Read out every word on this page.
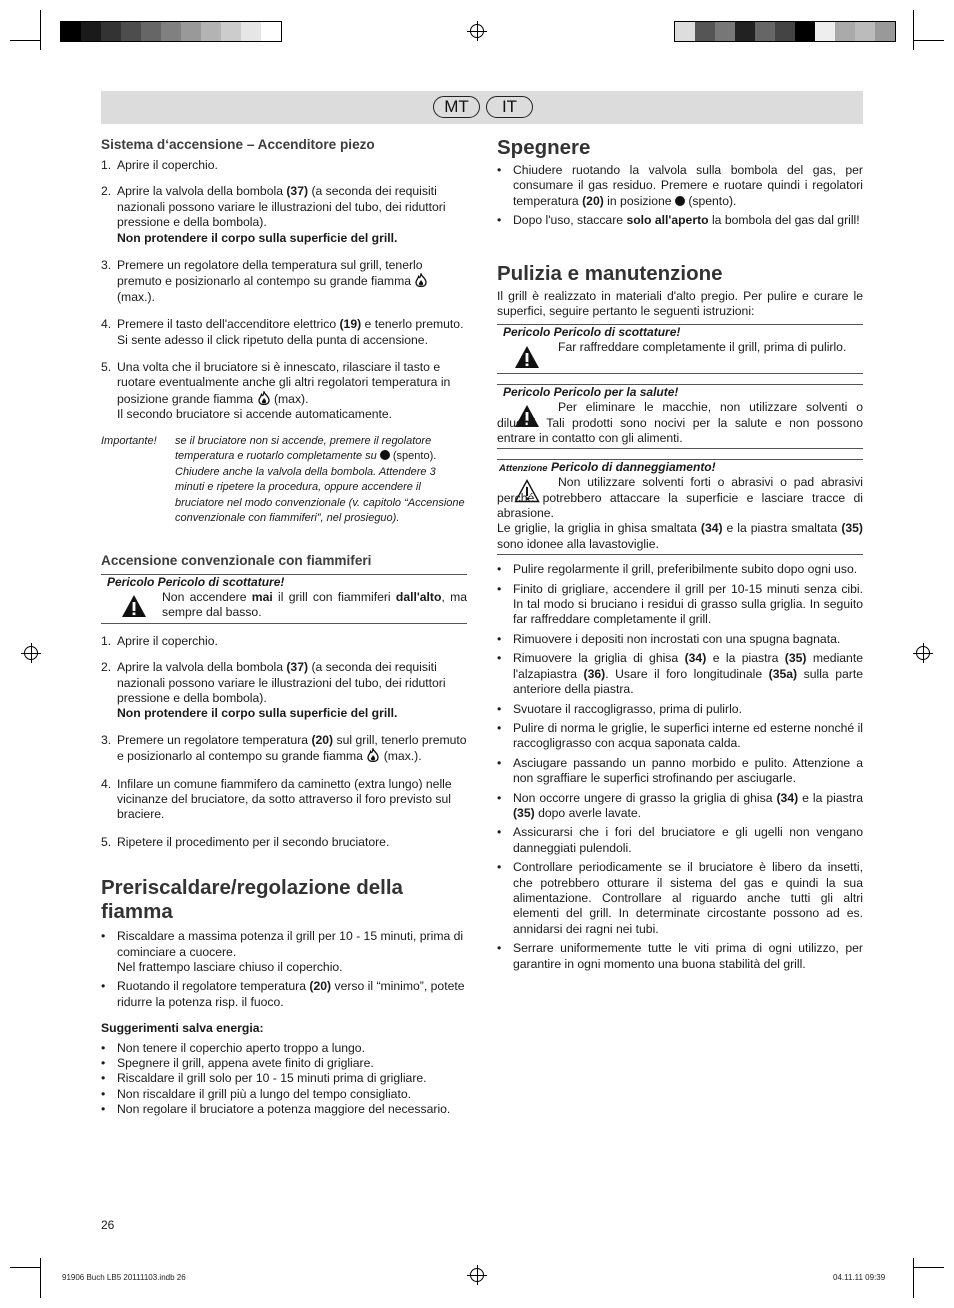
MT	IT
Sistema d‘accensione – Accenditore piezo
1. Aprire il coperchio.
2. Aprire la valvola della bombola (37) (a seconda dei requisiti nazionali possono variare le illustrazioni del tubo, dei riduttori pressione e della bombola).
Non protendere il corpo sulla superficie del grill.
3. Premere un regolatore della temperatura sul grill, tenerlo premuto e posizionarlo al contempo su grande fiamma  (max.).
4. Premere il tasto dell'accenditore elettrico (19) e tenerlo premuto. Si sente adesso il click ripetuto della punta di accensione.
5. Una volta che il bruciatore si è innescato, rilasciare il tasto e ruotare eventualmente anche gli altri regolatori temperatura in posizione grande fiamma  (max).
Il secondo bruciatore si accende automaticamente.
Importante! se il bruciatore non si accende, premere il regolatore temperatura e ruotarlo completamente su  (spento). Chiudere anche la valvola della bombola. Attendere 3 minuti e ripetere la procedura, oppure accendere il bruciatore nel modo convenzionale (v. capitolo “Accensione convenzionale con fiammiferi”, nel prosieguo).
Accensione convenzionale con fiammiferi
Pericolo Pericolo di scottature!
Non accendere mai il grill con fiammiferi dall'alto, ma sempre dal basso.
1. Aprire il coperchio.
2. Aprire la valvola della bombola (37) (a seconda dei requisiti nazionali possono variare le illustrazioni del tubo, dei riduttori pressione e della bombola).
Non protendere il corpo sulla superficie del grill.
3. Premere un regolatore temperatura (20) sul grill, tenerlo premuto e posizionarlo al contempo su grande fiamma  (max.).
4. Infilare un comune fiammifero da caminetto (extra lungo) nelle vicinanze del bruciatore, da sotto attraverso il foro previsto sul braciere.
5. Ripetere il procedimento per il secondo bruciatore.
Preriscaldare/regolazione della fiamma
• Riscaldare a massima potenza il grill per 10 - 15 minuti, prima di cominciare a cuocere.
Nel frattempo lasciare chiuso il coperchio.
• Ruotando il regolatore temperatura (20) verso il “minimo”, potete ridurre la potenza risp. il fuoco.

Suggerimenti salva energia:

• Non tenere il coperchio aperto troppo a lungo.
• Spegnere il grill, appena avete finito di grigliare.
• Riscaldare il grill solo per 10 - 15 minuti prima di grigliare.
• Non riscaldare il grill più a lungo del tempo consigliato.
• Non regolare il bruciatore a potenza maggiore del necessario.
Spegnere
• Chiudere ruotando la valvola sulla bombola del gas, per consumare il gas residuo. Premere e ruotare quindi i regolatori temperatura (20) in posizione  (spento).
• Dopo l'uso, staccare solo all'aperto la bombola del gas dal grill!
Pulizia e manutenzione

Il grill è realizzato in materiali d'alto pregio. Per pulire e curare le superfici, seguire pertanto le seguenti istruzioni:

Pericolo Pericolo di scottature!
Far raffreddare completamente il grill, prima di pulirlo.
Pericolo Pericolo per la salute!
Per eliminare le macchie, non utilizzare solventi o diluenti. Tali prodotti sono nocivi per la salute e non possono entrare in contatto con gli alimenti.
Attenzione Pericolo di danneggiamento!
Non utilizzare solventi forti o abrasivi o pad abrasivi perché potrebbero attaccare la superficie e lasciare tracce di abrasione.

Le griglie, la griglia in ghisa smaltata (34) e la piastra smaltata (35) sono idonee alla lavastoviglie.

• Pulire regolarmente il grill, preferibilmente subito dopo ogni uso.
• Finito di grigliare, accendere il grill per 10-15 minuti senza cibi. In tal modo si bruciano i residui di grasso sulla griglia. In seguito far raffreddare completamente il grill.
• Rimuovere i depositi non incrostati con una spugna bagnata.
• Rimuovere la griglia di ghisa (34) e la piastra (35) mediante l'alzapiastra (36). Usare il foro longitudinale (35a) sulla parte anteriore della piastra.
• Svuotare il raccogligrasso, prima di pulirlo.
• Pulire di norma le griglie, le superfici interne ed esterne nonché il raccogligrasso con acqua saponata calda.
• Asciugare passando un panno morbido e pulito. Attenzione a non sgraffiare le superfici strofinando per asciugarle.
• Non occorre ungere di grasso la griglia di ghisa (34) e la piastra (35) dopo averle lavate.
• Assicurarsi che i fori del bruciatore e gli ugelli non vengano danneggiati pulendoli.
• Controllare periodicamente se il bruciatore è libero da insetti, che potrebbero otturare il sistema del gas e quindi la sua alimentazione. Controllare al riguardo anche tutti gli altri elementi del grill. In determinate circostante possono ad es. annidarsi dei ragni nei tubi.
• Serrare uniformemente tutte le viti prima di ogni utilizzo, per garantire in ogni momento una buona stabilità del grill.
26
91906 Buch LB5 20111103.indb 26	04.11.11 09:39
